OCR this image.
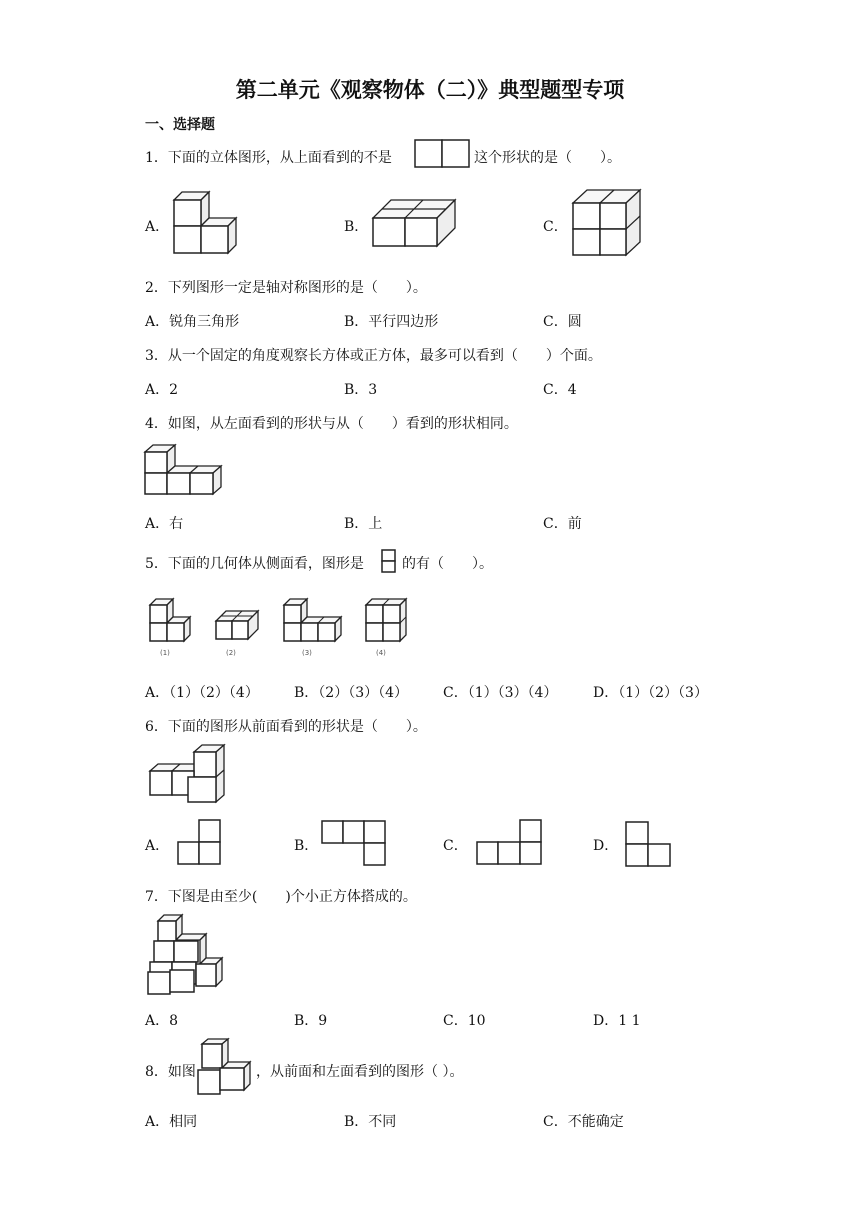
第二单元《观察物体（二）》典型题型专项
一、选择题
1．下面的立体图形，从上面看到的不是	这个形状的是（　　）。
A．	B．	C．
2．下列图形一定是轴对称图形的是（　　）。
A．锐角三角形	B．平行四边形	C．圆
3．从一个固定的角度观察长方体或正方体，最多可以看到（　　）个面。
A．2	B．3	C．4
4．如图，从左面看到的形状与从（　　）看到的形状相同。
A．右	B．上	C．前
5．下面的几何体从侧面看，图形是	的有（　　）。
(1)	(2)	(3)	(4)
A．（1）（2）（4）	B．（2）（3）（4） C．（1）（3）（4）	D．（1）（2）（3）
6．下面的图形从前面看到的形状是（　　）。
A．	B．	C．	D．
7．下图是由至少(　　)个小正方体搭成的。
A．8	B．9	C．10	D．1 1
8．如图	，从前面和左面看到的图形（ ）。
A．相同	B．不同	C．不能确定
